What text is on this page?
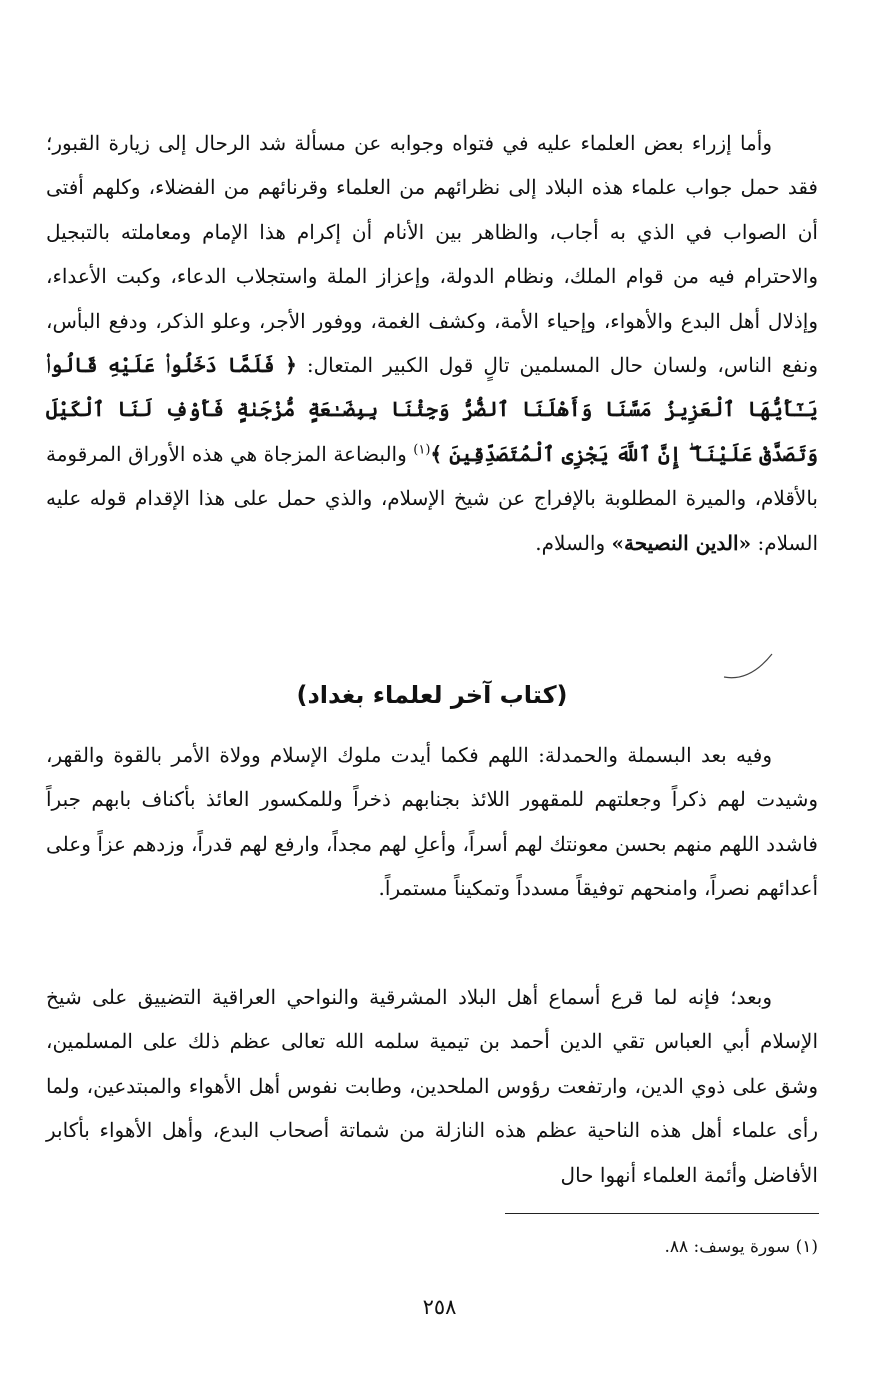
وأما إزراء بعض العلماء عليه في فتواه وجوابه عن مسألة شد الرحال إلى زيارة القبور؛ فقد حمل جواب علماء هذه البلاد إلى نظرائهم من العلماء وقرنائهم من الفضلاء، وكلهم أفتى أن الصواب في الذي به أجاب، والظاهر بين الأنام أن إكرام هذا الإمام ومعاملته بالتبجيل والاحترام فيه من قوام الملك، ونظام الدولة، وإعزاز الملة واستجلاب الدعاء، وكبت الأعداء، وإذلال أهل البدع والأهواء، وإحياء الأمة، وكشف الغمة، ووفور الأجر، وعلو الذكر، ودفع البأس، ونفع الناس، ولسان حال المسلمين تالٍ قول الكبير المتعال: ﴿ فَلَمَّا دَخَلُوا۟ عَلَيْهِ قَالُوا۟ يَـٰٓأَيُّهَا ٱلْعَزِيزُ مَسَّنَا وَأَهْلَنَا ٱلضُّرُّ وَجِئْنَا بِبِضَـٰعَةٍ مُّزْجَىٰةٍ فَأَوْفِ لَنَا ٱلْكَيْلَ وَتَصَدَّقْ عَلَيْنَآ ۖ إِنَّ ٱللَّهَ يَجْزِى ٱلْمُتَصَدِّقِينَ ﴾$^{(١)}$ والبضاعة المزجاة هي هذه الأوراق المرقومة بالأقلام، والميرة المطلوبة بالإفراج عن شيخ الإسلام، والذي حمل على هذا الإقدام قوله عليه السلام: «الدين النصيحة» والسلام.
(كتاب آخر لعلماء بغداد)
وفيه بعد البسملة والحمدلة: اللهم فكما أيدت ملوك الإسلام وولاة الأمر بالقوة والقهر، وشيدت لهم ذكراً وجعلتهم للمقهور اللائذ بجنابهم ذخراً وللمكسور العائذ بأكناف بابهم جبراً فاشدد اللهم منهم بحسن معونتك لهم أسراً، وأعلِ لهم مجداً، وارفع لهم قدراً، وزدهم عزاً وعلى أعدائهم نصراً، وامنحهم توفيقاً مسدداً وتمكيناً مستمراً.
وبعد؛ فإنه لما قرع أسماع أهل البلاد المشرقية والنواحي العراقية التضييق على شيخ الإسلام أبي العباس تقي الدين أحمد بن تيمية سلمه الله تعالى عظم ذلك على المسلمين، وشق على ذوي الدين، وارتفعت رؤوس الملحدين، وطابت نفوس أهل الأهواء والمبتدعين، ولما رأى علماء أهل هذه الناحية عظم هذه النازلة من شماتة أصحاب البدع، وأهل الأهواء بأكابر الأفاضل وأئمة العلماء أنهوا حال
(١) سورة يوسف: ٨٨.
٢٥٨
